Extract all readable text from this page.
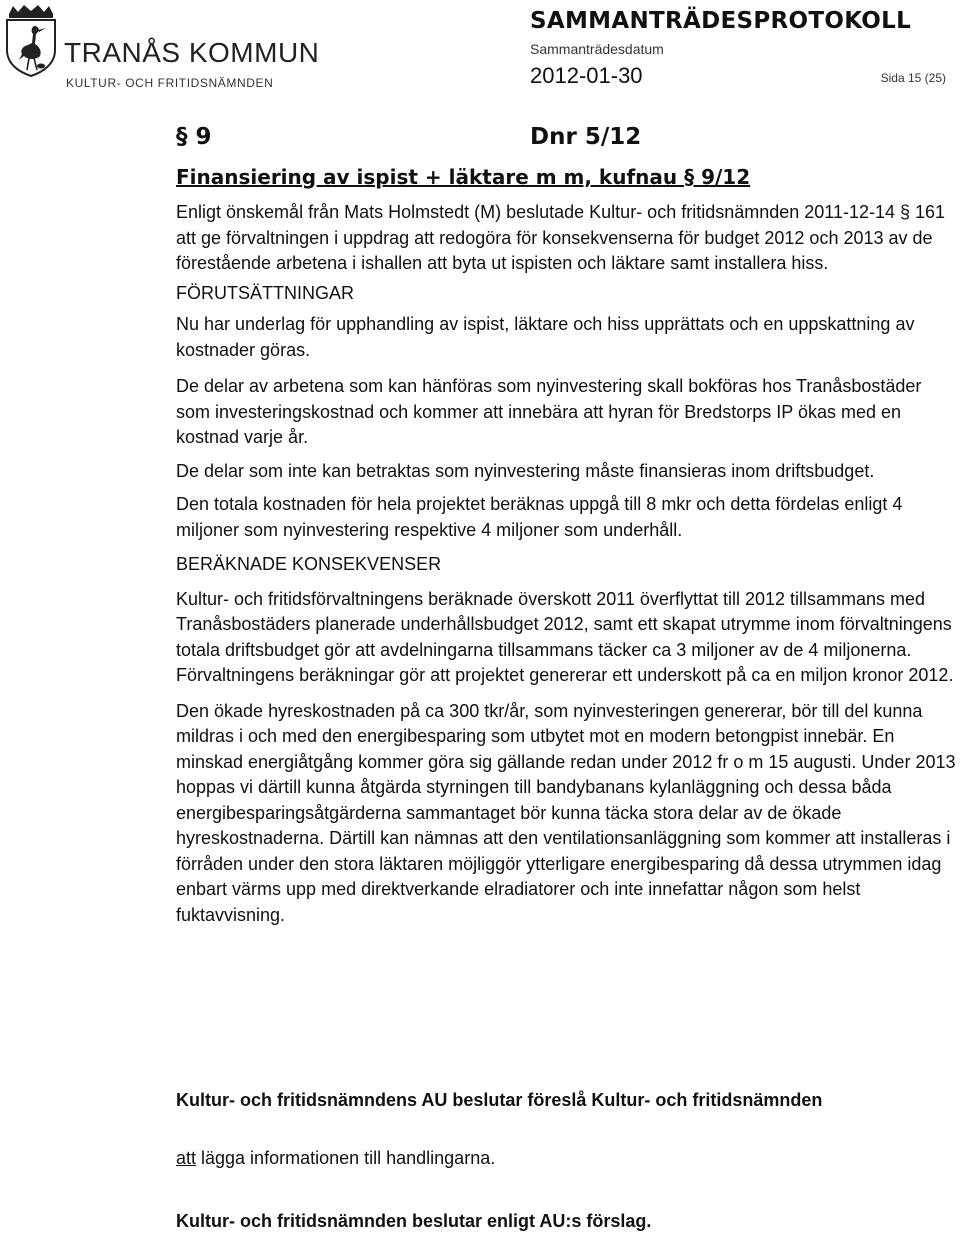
TRANÅS KOMMUN
KULTUR- OCH FRITIDSNÄMNDEN
SAMMANTRÄDESPROTOKOLL
Sammanträdesdatum
2012-01-30	Sida 15 (25)
§ 9	Dnr 5/12
Finansiering av ispist + läktare m m, kufnau § 9/12

Enligt önskemål från Mats Holmstedt (M) beslutade Kultur- och fritidsnämnden 2011-12-14 § 161 att ge förvaltningen i uppdrag att redogöra för konsekvenserna för budget 2012 och 2013 av de förestående arbetena i ishallen att byta ut ispisten och läktare samt installera hiss.

FÖRUTSÄTTNINGAR

Nu har underlag för upphandling av ispist, läktare och hiss upprättats och en uppskattning av kostnader göras.

De delar av arbetena som kan hänföras som nyinvestering skall bokföras hos Tranåsbostäder som investeringskostnad och kommer att innebära att hyran för Bredstorps IP ökas med en kostnad varje år.

De delar som inte kan betraktas som nyinvestering måste finansieras inom driftsbudget.

Den totala kostnaden för hela projektet beräknas uppgå till 8 mkr och detta fördelas enligt 4 miljoner som nyinvestering respektive 4 miljoner som underhåll.

BERÄKNADE KONSEKVENSER

Kultur- och fritidsförvaltningens beräknade överskott 2011 överflyttat till 2012 tillsammans med Tranåsbostäders planerade underhållsbudget 2012, samt ett skapat utrymme inom förvaltningens totala driftsbudget gör att avdelningarna tillsammans täcker ca 3 miljoner av de 4 miljonerna. Förvaltningens beräkningar gör att projektet genererar ett underskott på ca en miljon kronor 2012.

Den ökade hyreskostnaden på ca 300 tkr/år, som nyinvesteringen genererar, bör till del kunna mildras i och med den energibesparing som utbytet mot en modern betongpist innebär. En minskad energiåtgång kommer göra sig gällande redan under 2012 fr o m 15 augusti. Under 2013 hoppas vi därtill kunna åtgärda styrningen till bandybanans kylanläggning och dessa båda energibesparingsåtgärderna sammantaget bör kunna täcka stora delar av de ökade hyreskostnaderna. Därtill kan nämnas att den ventilationsanläggning som kommer att installeras i förråden under den stora läktaren möjliggör ytterligare energibesparing då dessa utrymmen idag enbart värms upp med direktverkande elradiatorer och inte innefattar någon som helst fuktavvisning.

Kultur- och fritidsnämndens AU beslutar föreslå Kultur- och fritidsnämnden
att lägga informationen till handlingarna.
Kultur- och fritidsnämnden beslutar enligt AU:s förslag.
